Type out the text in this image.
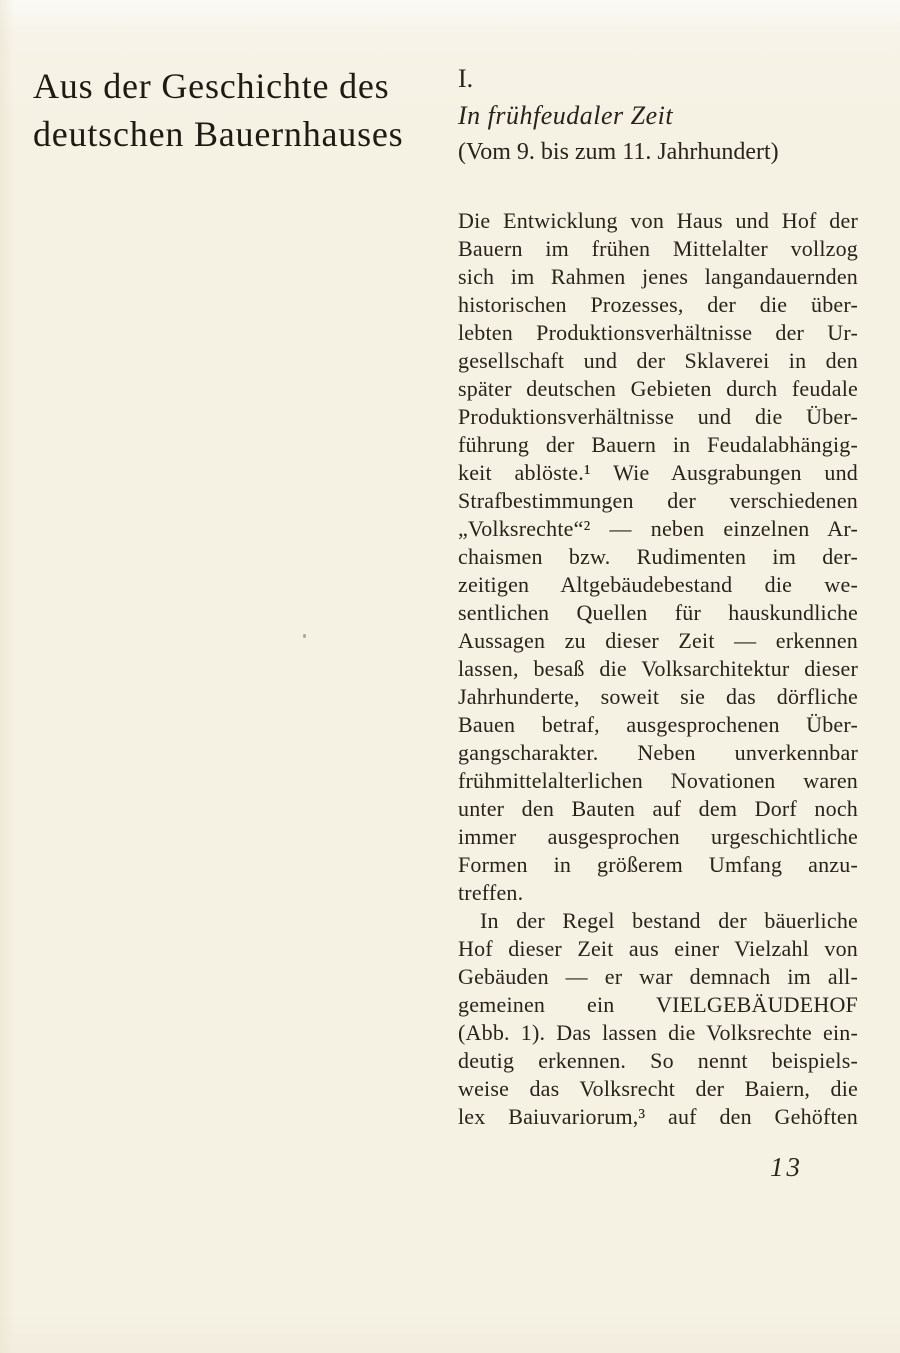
Aus der Geschichte des
deutschen Bauernhauses
I.
In frühfeudaler Zeit
(Vom 9. bis zum 11. Jahrhundert)
Die Entwicklung von Haus und Hof der
Bauern im frühen Mittelalter vollzog
sich im Rahmen jenes langandauernden
historischen Prozesses, der die über-
lebten Produktionsverhältnisse der Ur-
gesellschaft und der Sklaverei in den
später deutschen Gebieten durch feudale
Produktionsverhältnisse und die Über-
führung der Bauern in Feudalabhängig-
keit ablöste.¹ Wie Ausgrabungen und
Strafbestimmungen der verschiedenen
„Volksrechte“² — neben einzelnen Ar-
chaismen bzw. Rudimenten im der-
zeitigen Altgebäudebestand die we-
sentlichen Quellen für hauskundliche
Aussagen zu dieser Zeit — erkennen
lassen, besaß die Volksarchitektur dieser
Jahrhunderte, soweit sie das dörfliche
Bauen betraf, ausgesprochenen Über-
gangscharakter. Neben unverkennbar
frühmittelalterlichen Novationen waren
unter den Bauten auf dem Dorf noch
immer ausgesprochen urgeschichtliche
Formen in größerem Umfang anzu-
treffen.
In der Regel bestand der bäuerliche
Hof dieser Zeit aus einer Vielzahl von
Gebäuden — er war demnach im all-
gemeinen ein VIELGEBÄUDEHOF
(Abb. 1). Das lassen die Volksrechte ein-
deutig erkennen. So nennt beispiels-
weise das Volksrecht der Baiern, die
lex Baiuvariorum,³ auf den Gehöften
13
